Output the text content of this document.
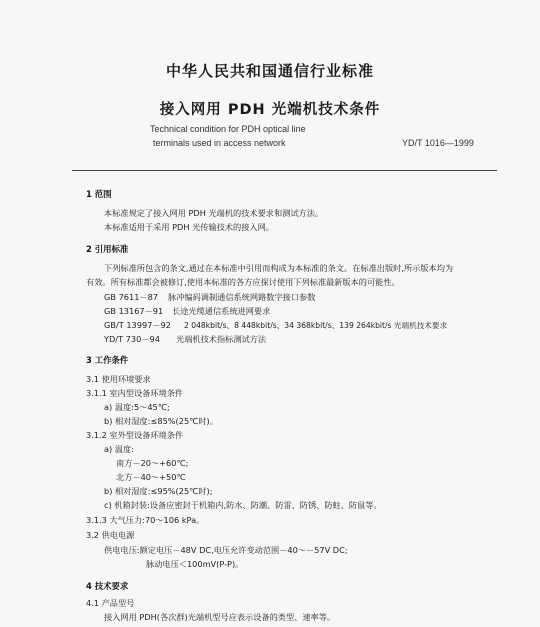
中华人民共和国通信行业标准
接入网用 PDH 光端机技术条件
Technical condition for PDH optical line
terminals used in access network	YD/T 1016—1999
1 范围
本标准规定了接入网用 PDH 光端机的技术要求和测试方法。
本标准适用于采用 PDH 光传输技术的接入网。
2 引用标准
下列标准所包含的条文,通过在本标准中引用而构成为本标准的条文。在标准出版时,所示版本均为
有效。所有标准都会被修订,使用本标准的各方应探讨使用下列标准最新版本的可能性。
GB 7611－87 脉冲编码调制通信系统网路数字接口参数
GB 13167－91 长途光缆通信系统进网要求
GB/T 13997－92 2 048kbit/s、8 448kbit/s、34 368kbit/s、139 264kbit/s 光端机技术要求
YD/T 730－94 光端机技术指标测试方法
3 工作条件
3.1 使用环境要求
3.1.1 室内型设备环境条件
a) 温度:5～45℃;
b) 相对湿度:≤85%(25℃时)。
3.1.2 室外型设备环境条件
a) 温度:
南方－20～+60℃;
北方－40～+50℃
b) 相对湿度:≤95%(25℃时);
c) 机箱封装:设备应密封于机箱内,防水、防潮、防雷、防锈、防蛀、防鼠等。
3.1.3 大气压力:70～106 kPa。
3.2 供电电源
供电电压:额定电压－48V DC,电压允许变动范围－40～－57V DC;
脉动电压＜100mV(P-P)。
4 技术要求
4.1 产品型号
接入网用 PDH(各次群)光端机型号应表示设备的类型、速率等。
